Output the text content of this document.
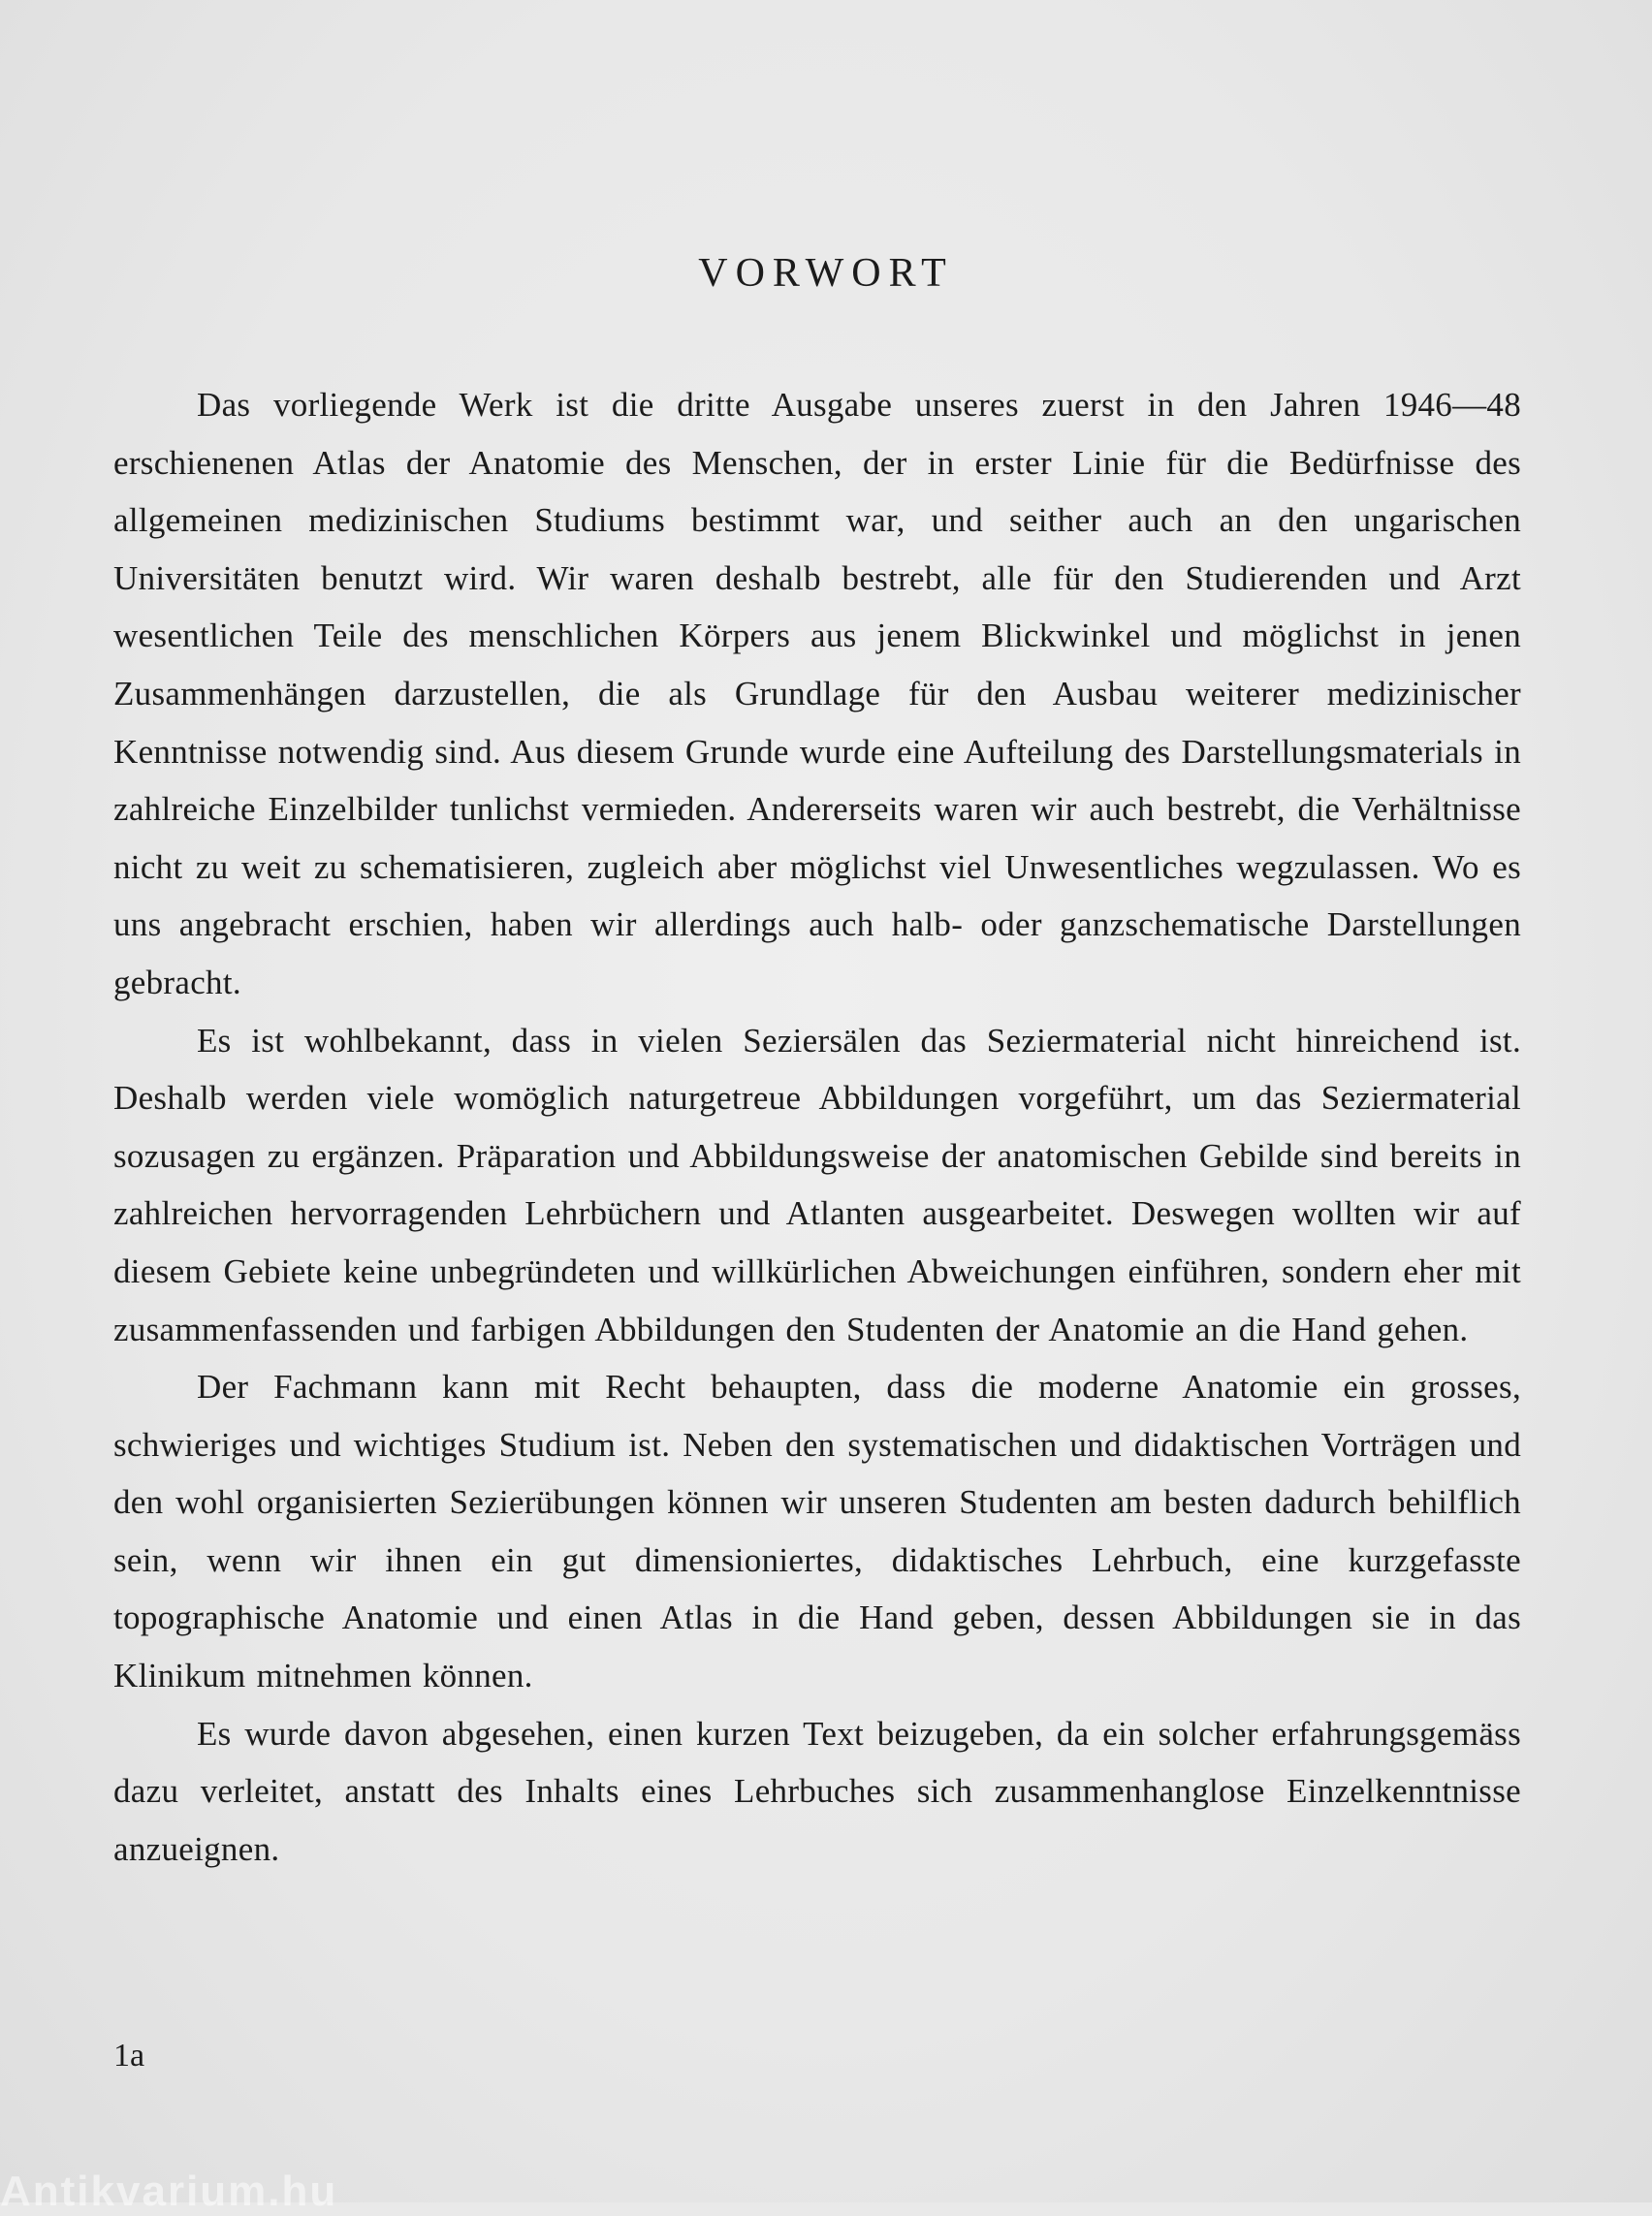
VORWORT

Das vorliegende Werk ist die dritte Ausgabe unseres zuerst in den Jahren 1946—48 erschienenen Atlas der Anatomie des Menschen, der in erster Linie für die Bedürfnisse des allgemeinen medizinischen Studiums bestimmt war, und seither auch an den ungarischen Universitäten benutzt wird. Wir waren deshalb bestrebt, alle für den Studierenden und Arzt wesentlichen Teile des menschlichen Körpers aus jenem Blickwinkel und möglichst in jenen Zusammenhängen darzustellen, die als Grundlage für den Ausbau weiterer medizinischer Kenntnisse notwendig sind. Aus diesem Grunde wurde eine Aufteilung des Darstellungsmaterials in zahlreiche Einzelbilder tunlichst vermieden. Andererseits waren wir auch bestrebt, die Verhältnisse nicht zu weit zu schematisieren, zugleich aber möglichst viel Unwesentliches wegzulassen. Wo es uns angebracht erschien, haben wir allerdings auch halb- oder ganzschematische Darstellungen gebracht.

Es ist wohlbekannt, dass in vielen Seziersälen das Seziermaterial nicht hinreichend ist. Deshalb werden viele womöglich naturgetreue Abbildungen vorgeführt, um das Seziermaterial sozusagen zu ergänzen. Präparation und Abbildungsweise der anatomischen Gebilde sind bereits in zahlreichen hervorragenden Lehrbüchern und Atlanten ausgearbeitet. Deswegen wollten wir auf diesem Gebiete keine unbegründeten und willkürlichen Abweichungen einführen, sondern eher mit zusammenfassenden und farbigen Abbildungen den Studenten der Anatomie an die Hand gehen.

Der Fachmann kann mit Recht behaupten, dass die moderne Anatomie ein grosses, schwieriges und wichtiges Studium ist. Neben den systematischen und didaktischen Vorträgen und den wohl organisierten Sezierübungen können wir unseren Studenten am besten dadurch behilflich sein, wenn wir ihnen ein gut dimensioniertes, didaktisches Lehrbuch, eine kurzgefasste topographische Anatomie und einen Atlas in die Hand geben, dessen Abbildungen sie in das Klinikum mitnehmen können.

Es wurde davon abgesehen, einen kurzen Text beizugeben, da ein solcher erfahrungsgemäss dazu verleitet, anstatt des Inhalts eines Lehrbuches sich zusammenhanglose Einzelkenntnisse anzueignen.

1a
Antikvarium.hu
